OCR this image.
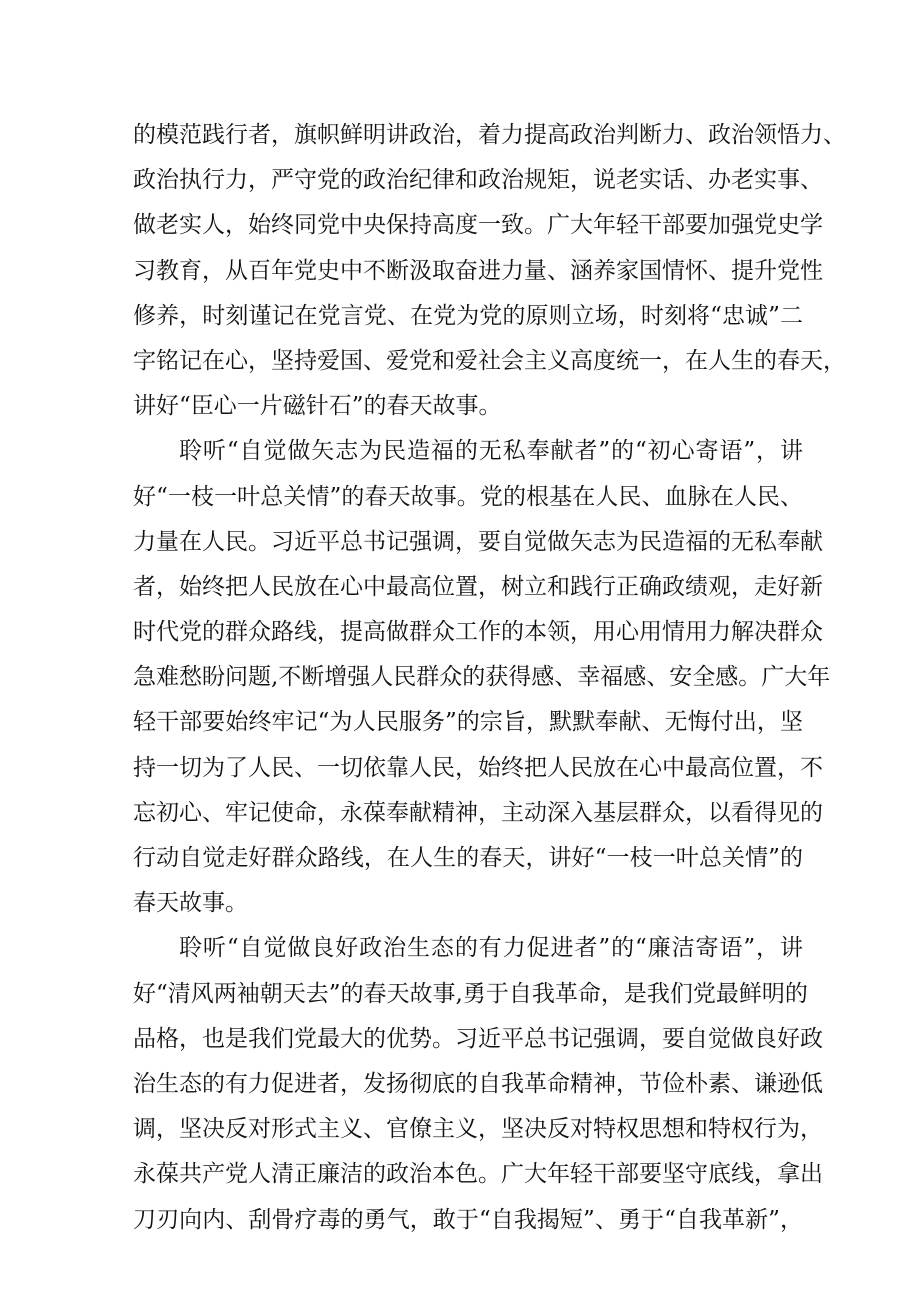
的模范践行者，旗帜鲜明讲政治，着力提高政治判断力、政治领悟力、
政治执行力，严守党的政治纪律和政治规矩，说老实话、办老实事、
做老实人，始终同党中央保持高度一致。广大年轻干部要加强党史学
习教育，从百年党史中不断汲取奋进力量、涵养家国情怀、提升党性
修养，时刻谨记在党言党、在党为党的原则立场，时刻将“忠诚”二
字铭记在心，坚持爱国、爱党和爱社会主义高度统一，在人生的春天，
讲好“臣心一片磁针石”的春天故事。
聆听“自觉做矢志为民造福的无私奉献者”的“初心寄语”，讲
好“一枝一叶总关情”的春天故事。党的根基在人民、血脉在人民、
力量在人民。习近平总书记强调，要自觉做矢志为民造福的无私奉献
者，始终把人民放在心中最高位置，树立和践行正确政绩观，走好新
时代党的群众路线，提高做群众工作的本领，用心用情用力解决群众
急难愁盼问题,不断增强人民群众的获得感、幸福感、安全感。广大年
轻干部要始终牢记“为人民服务”的宗旨，默默奉献、无悔付出，坚
持一切为了人民、一切依靠人民，始终把人民放在心中最高位置，不
忘初心、牢记使命，永葆奉献精神，主动深入基层群众，以看得见的
行动自觉走好群众路线，在人生的春天，讲好“一枝一叶总关情”的
春天故事。
聆听“自觉做良好政治生态的有力促进者”的“廉洁寄语”，讲
好“清风两袖朝天去”的春天故事,勇于自我革命，是我们党最鲜明的
品格，也是我们党最大的优势。习近平总书记强调，要自觉做良好政
治生态的有力促进者，发扬彻底的自我革命精神，节俭朴素、谦逊低
调，坚决反对形式主义、官僚主义，坚决反对特权思想和特权行为，
永葆共产党人清正廉洁的政治本色。广大年轻干部要坚守底线，拿出
刀刃向内、刮骨疗毒的勇气，敢于“自我揭短”、勇于“自我革新”，
